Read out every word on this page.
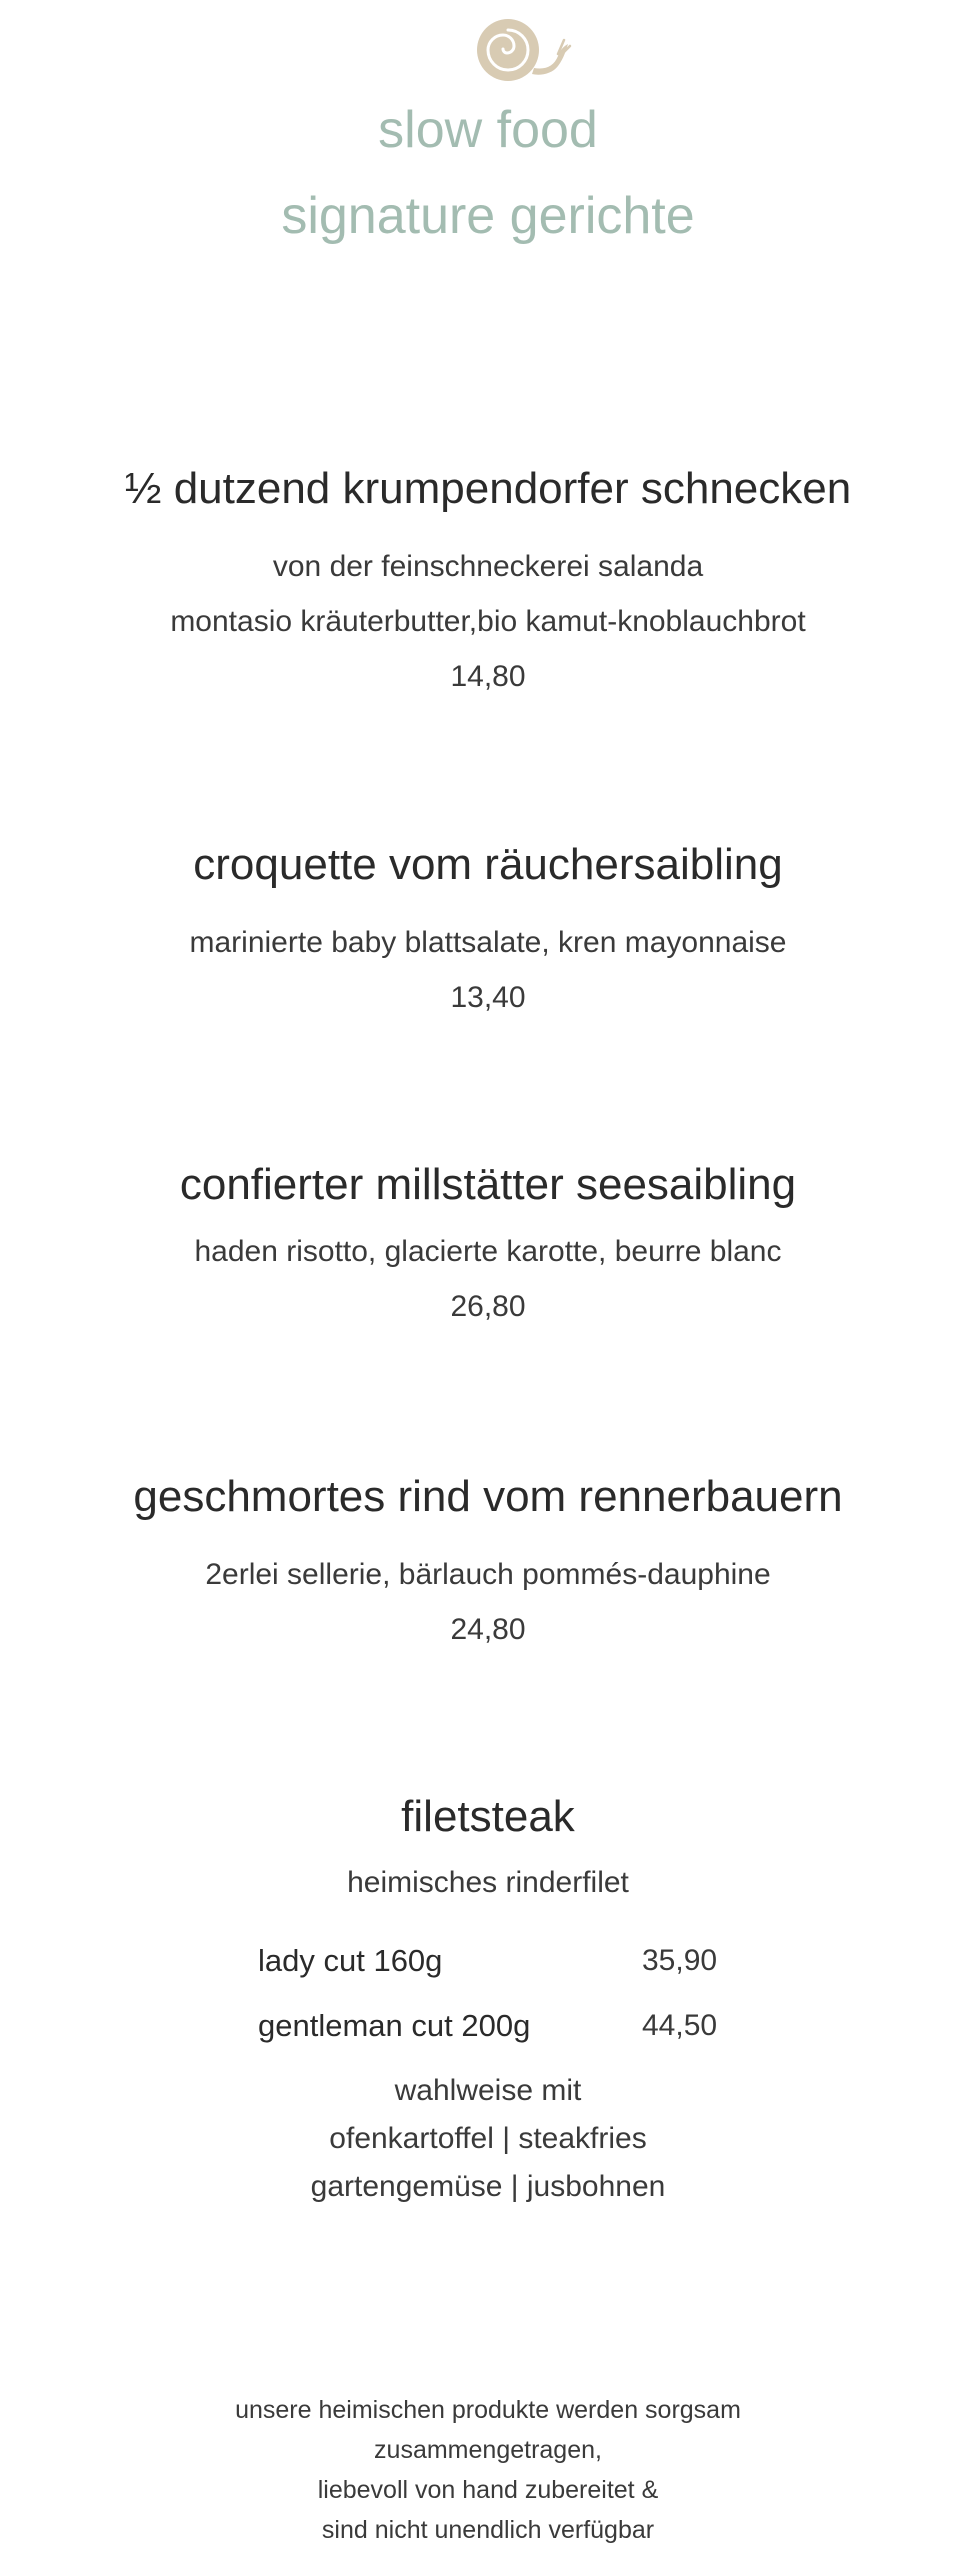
slow food
signature gerichte
½ dutzend krumpendorfer schnecken
von der feinschneckerei salanda
montasio kräuterbutter,bio kamut-knoblauchbrot
14,80
croquette vom räuchersaibling
marinierte baby blattsalate, kren mayonnaise
13,40
confierter millstätter seesaibling
haden risotto, glacierte karotte, beurre blanc
26,80
geschmortes rind vom rennerbauern
2erlei sellerie, bärlauch pommés-dauphine
24,80
filetsteak
heimisches rinderfilet
lady cut 160g	35,90
gentleman cut 200g	44,50
wahlweise mit
ofenkartoffel | steakfries
gartengemüse | jusbohnen
unsere heimischen produkte werden sorgsam
zusammengetragen,
liebevoll von hand zubereitet &
sind nicht unendlich verfügbar
